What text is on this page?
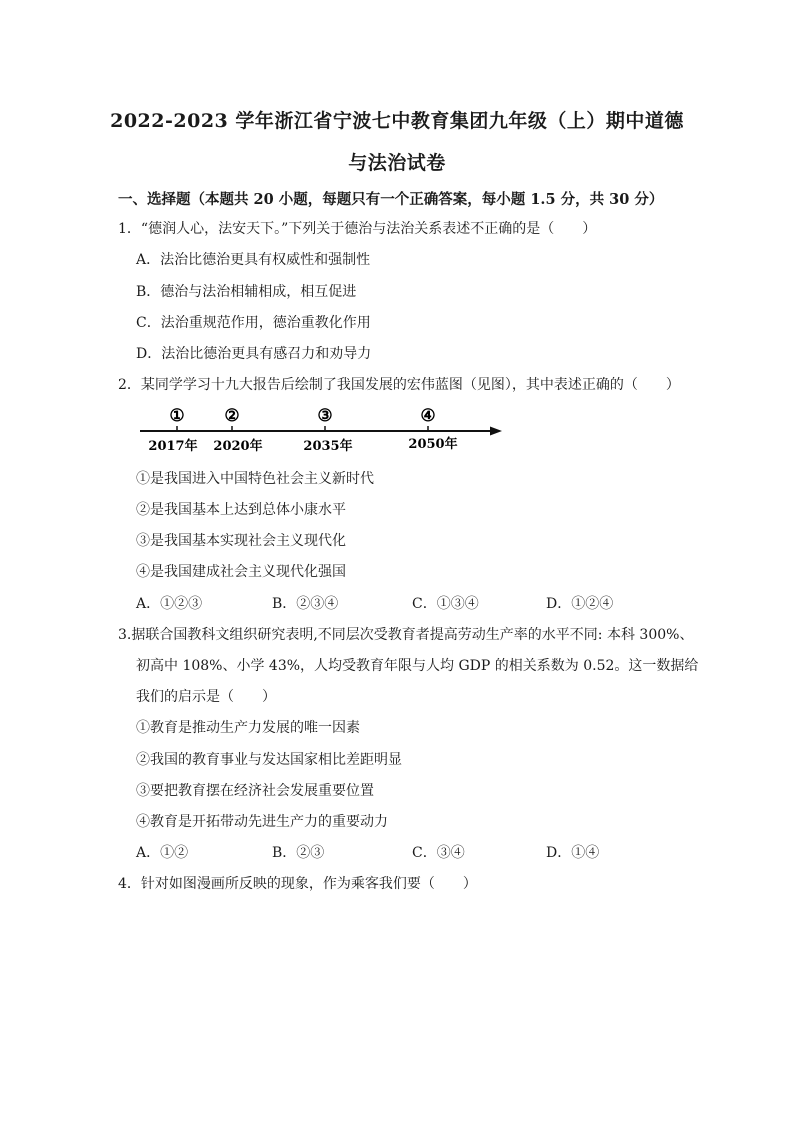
2022-2023 学年浙江省宁波七中教育集团九年级（上）期中道德
与法治试卷
一、选择题（本题共 20 小题，每题只有一个正确答案，每小题 1.5 分，共 30 分）
1．“德润人心，法安天下。”下列关于德治与法治关系表述不正确的是（　　）
A．法治比德治更具有权威性和强制性
B．德治与法治相辅相成，相互促进
C．法治重规范作用，德治重教化作用
D．法治比德治更具有感召力和劝导力
2．某同学学习十九大报告后绘制了我国发展的宏伟蓝图（见图），其中表述正确的（　　）
① ②	③	④
2017年 2020年	2035年	2050年
①是我国进入中国特色社会主义新时代
②是我国基本上达到总体小康水平
③是我国基本实现社会主义现代化
④是我国建成社会主义现代化强国
A．①②③	B．②③④	C．①③④	D．①②④
3.据联合国教科文组织研究表明,不同层次受教育者提高劳动生产率的水平不同: 本科 300%、
初高中 108%、小学 43%，人均受教育年限与人均 GDP 的相关系数为 0.52。这一数据给
我们的启示是（　　）
①教育是推动生产力发展的唯一因素
②我国的教育事业与发达国家相比差距明显
③要把教育摆在经济社会发展重要位置
④教育是开拓带动先进生产力的重要动力
A．①②	B．②③	C．③④	D．①④
4．针对如图漫画所反映的现象，作为乘客我们要（　　）
